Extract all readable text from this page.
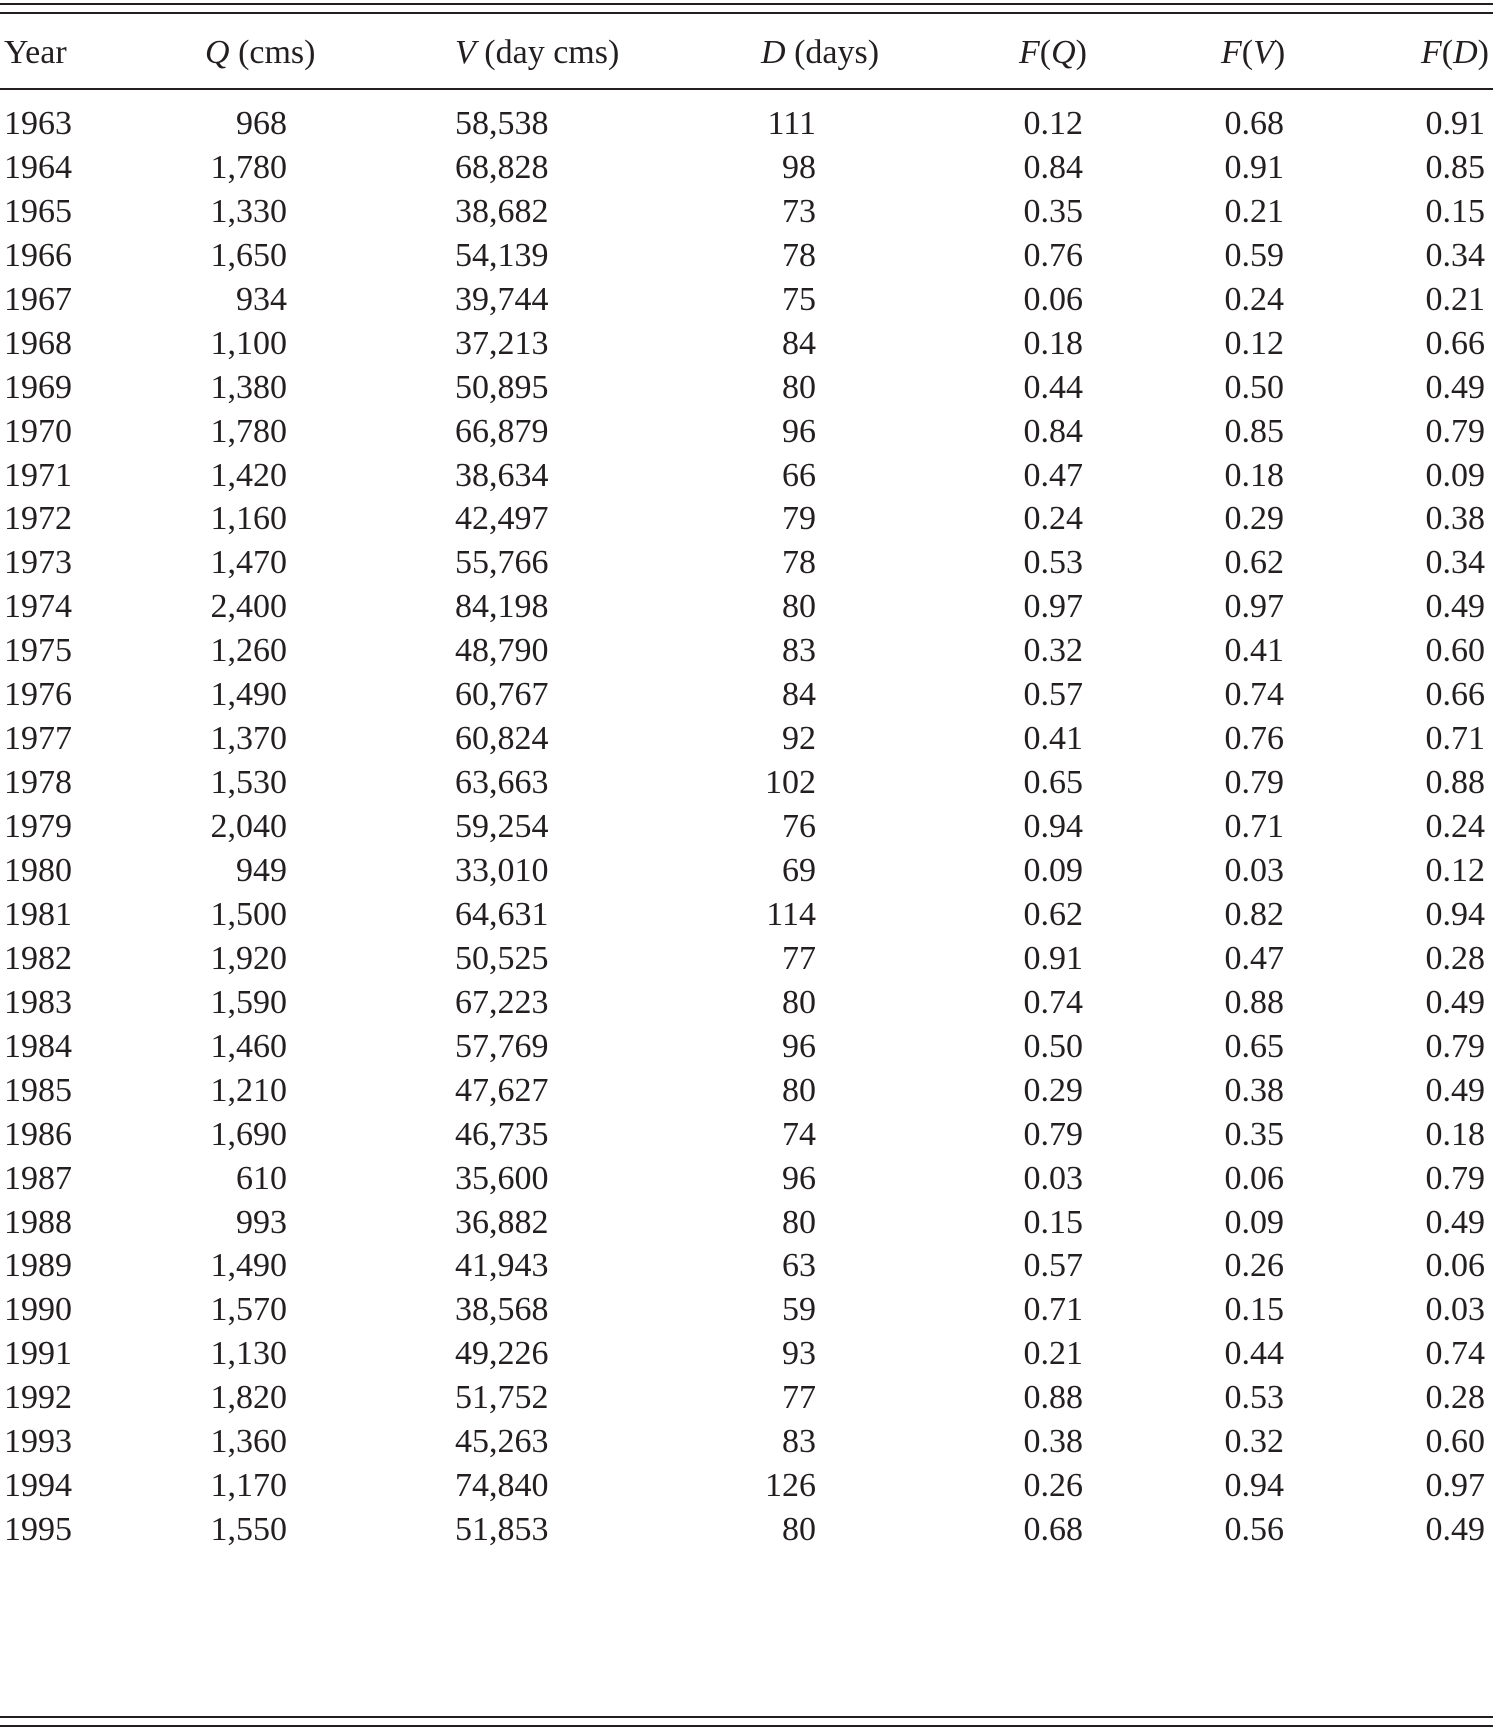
Year	Q (cms)	V (day cms)	D (days)	F(Q)	F(V)	F(D)
1963	968	58,538	111	0.12	0.68	0.91
1964	1,780	68,828	98	0.84	0.91	0.85
1965	1,330	38,682	73	0.35	0.21	0.15
1966	1,650	54,139	78	0.76	0.59	0.34
1967	934	39,744	75	0.06	0.24	0.21
1968	1,100	37,213	84	0.18	0.12	0.66
1969	1,380	50,895	80	0.44	0.50	0.49
1970	1,780	66,879	96	0.84	0.85	0.79
1971	1,420	38,634	66	0.47	0.18	0.09
1972	1,160	42,497	79	0.24	0.29	0.38
1973	1,470	55,766	78	0.53	0.62	0.34
1974	2,400	84,198	80	0.97	0.97	0.49
1975	1,260	48,790	83	0.32	0.41	0.60
1976	1,490	60,767	84	0.57	0.74	0.66
1977	1,370	60,824	92	0.41	0.76	0.71
1978	1,530	63,663	102	0.65	0.79	0.88
1979	2,040	59,254	76	0.94	0.71	0.24
1980	949	33,010	69	0.09	0.03	0.12
1981	1,500	64,631	114	0.62	0.82	0.94
1982	1,920	50,525	77	0.91	0.47	0.28
1983	1,590	67,223	80	0.74	0.88	0.49
1984	1,460	57,769	96	0.50	0.65	0.79
1985	1,210	47,627	80	0.29	0.38	0.49
1986	1,690	46,735	74	0.79	0.35	0.18
1987	610	35,600	96	0.03	0.06	0.79
1988	993	36,882	80	0.15	0.09	0.49
1989	1,490	41,943	63	0.57	0.26	0.06
1990	1,570	38,568	59	0.71	0.15	0.03
1991	1,130	49,226	93	0.21	0.44	0.74
1992	1,820	51,752	77	0.88	0.53	0.28
1993	1,360	45,263	83	0.38	0.32	0.60
1994	1,170	74,840	126	0.26	0.94	0.97
1995	1,550	51,853	80	0.68	0.56	0.49
